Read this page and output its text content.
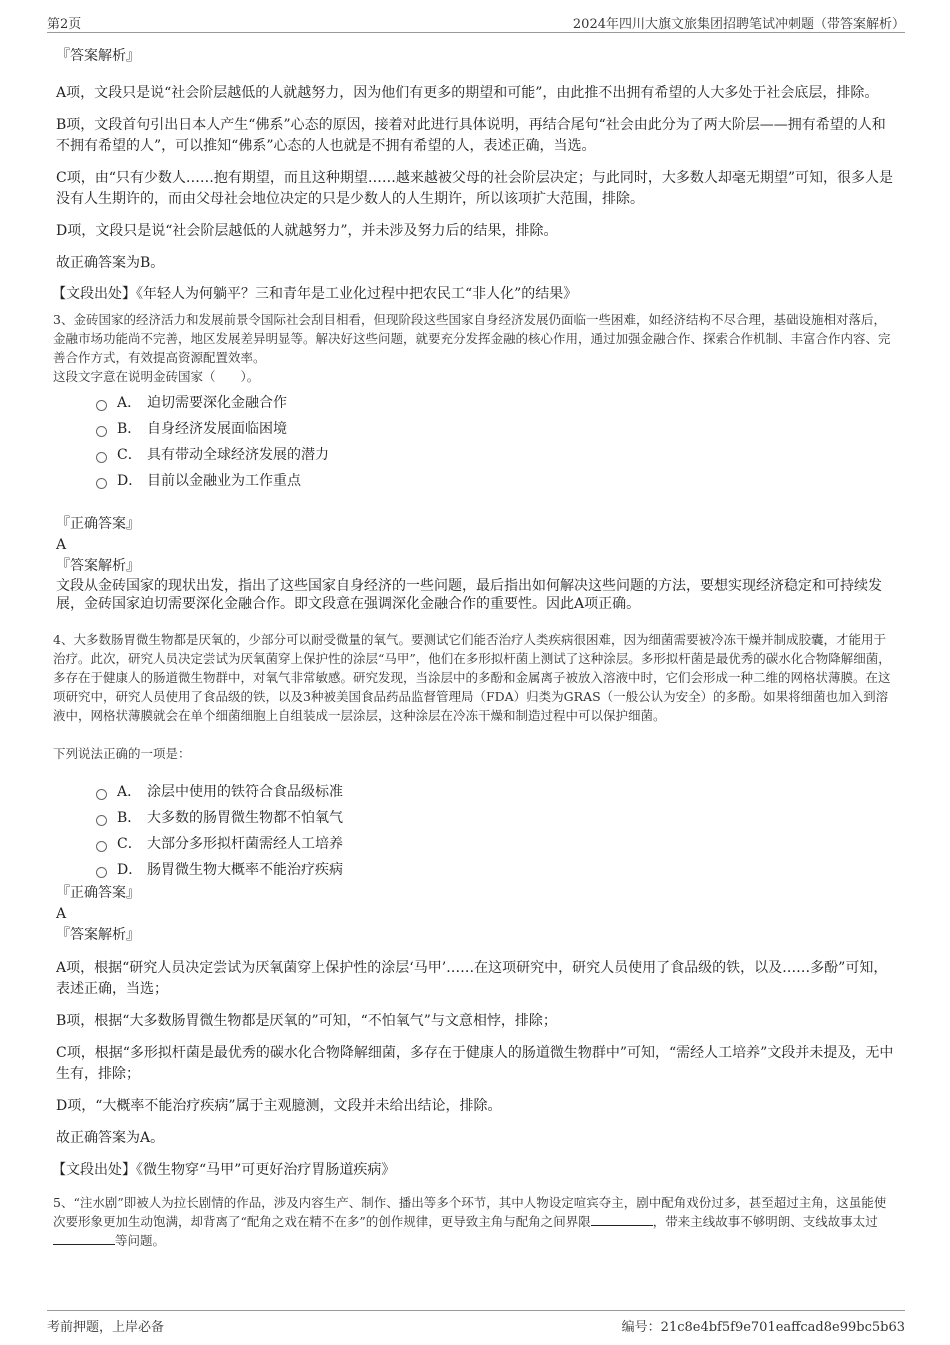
第2页	2024年四川大旗文旅集团招聘笔试冲刺题（带答案解析）

『答案解析』

A项，文段只是说“社会阶层越低的人就越努力，因为他们有更多的期望和可能”，由此推不出拥有希望的人大多处于社会底层，排除。

B项，文段首句引出日本人产生“佛系”心态的原因，接着对此进行具体说明，再结合尾句“社会由此分为了两大阶层——拥有希望的人和不拥有希望的人”，可以推知“佛系”心态的人也就是不拥有希望的人，表述正确，当选。

C项，由“只有少数人……抱有期望，而且这种期望……越来越被父母的社会阶层决定；与此同时，大多数人却毫无期望”可知，很多人是没有人生期许的，而由父母社会地位决定的只是少数人的人生期许，所以该项扩大范围，排除。

D项，文段只是说“社会阶层越低的人就越努力”，并未涉及努力后的结果，排除。

故正确答案为B。

【文段出处】《年轻人为何躺平？三和青年是工业化过程中把农民工“非人化”的结果》

3、金砖国家的经济活力和发展前景令国际社会刮目相看，但现阶段这些国家自身经济发展仍面临一些困难，如经济结构不尽合理，基础设施相对落后，金融市场功能尚不完善，地区发展差异明显等。解决好这些问题，就要充分发挥金融的核心作用，通过加强金融合作、探索合作机制、丰富合作内容、完善合作方式，有效提高资源配置效率。

这段文字意在说明金砖国家（　　）。

A． 迫切需要深化金融合作
B． 自身经济发展面临困境
C． 具有带动全球经济发展的潜力
D． 目前以金融业为工作重点

『正确答案』

A

『答案解析』

文段从金砖国家的现状出发，指出了这些国家自身经济的一些问题，最后指出如何解决这些问题的方法，要想实现经济稳定和可持续发展，金砖国家迫切需要深化金融合作。即文段意在强调深化金融合作的重要性。因此A项正确。

4、大多数肠胃微生物都是厌氧的，少部分可以耐受微量的氧气。要测试它们能否治疗人类疾病很困难，因为细菌需要被冷冻干燥并制成胶囊，才能用于治疗。此次，研究人员决定尝试为厌氧菌穿上保护性的涂层“马甲”，他们在多形拟杆菌上测试了这种涂层。多形拟杆菌是最优秀的碳水化合物降解细菌，多存在于健康人的肠道微生物群中，对氧气非常敏感。研究发现，当涂层中的多酚和金属离子被放入溶液中时，它们会形成一种二维的网格状薄膜。在这项研究中，研究人员使用了食品级的铁，以及3种被美国食品药品监督管理局（FDA）归类为GRAS（一般公认为安全）的多酚。如果将细菌也加入到溶液中，网格状薄膜就会在单个细菌细胞上自组装成一层涂层，这种涂层在冷冻干燥和制造过程中可以保护细菌。

下列说法正确的一项是：

A． 涂层中使用的铁符合食品级标准
B． 大多数的肠胃微生物都不怕氧气
C． 大部分多形拟杆菌需经人工培养
D． 肠胃微生物大概率不能治疗疾病

『正确答案』

A

『答案解析』

A项，根据“研究人员决定尝试为厌氧菌穿上保护性的涂层‘马甲’……在这项研究中，研究人员使用了食品级的铁，以及……多酚”可知，表述正确，当选；

B项，根据“大多数肠胃微生物都是厌氧的”可知，“不怕氧气”与文意相悖，排除；

C项，根据“多形拟杆菌是最优秀的碳水化合物降解细菌，多存在于健康人的肠道微生物群中”可知，“需经人工培养”文段并未提及，无中生有，排除；

D项，“大概率不能治疗疾病”属于主观臆测，文段并未给出结论，排除。

故正确答案为A。

【文段出处】《微生物穿“马甲”可更好治疗胃肠道疾病》

5、“注水剧”即被人为拉长剧情的作品，涉及内容生产、制作、播出等多个环节，其中人物设定喧宾夺主，剧中配角戏份过多，甚至超过主角，这虽能使次要形象更加生动饱满，却背离了“配角之戏在精不在多”的创作规律，更导致主角与配角之间界限	，带来主线故事不够明朗、支线故事太过等问题。

考前押题，上岸必备	编号：21c8e4bf5f9e701eaffcad8e99bc5b63
